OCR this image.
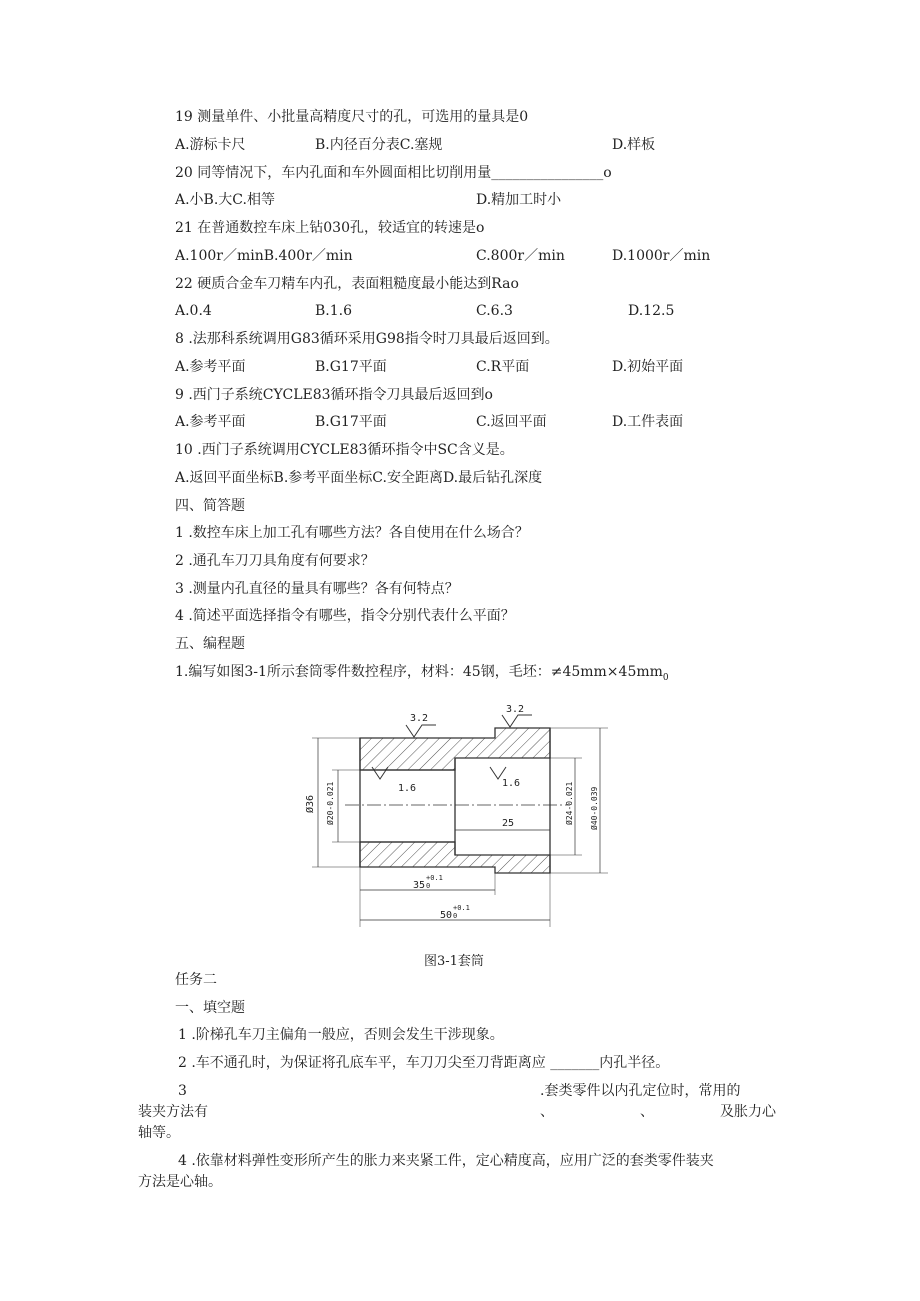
19 测量单件、小批量高精度尺寸的孔，可选用的量具是0
A.游标卡尺	B.内径百分表C.塞规	D.样板
20 同等情况下，车内孔面和车外圆面相比切削用量________________o
A.小B.大C.相等	D.精加工时小
21 在普通数控车床上钻030孔，较适宜的转速是o
A.100r／minB.400r／min	C.800r／min	D.1000r／min
22 硬质合金车刀精车内孔，表面粗糙度最小能达到Rao
A.0.4	B.1.6	C.6.3	D.12.5
8 .法那科系统调用G83循环采用G98指令时刀具最后返回到。
A.参考平面	B.G17平面	C.R平面	D.初始平面
9 .西门子系统CYCLE83循环指令刀具最后返回到o
A.参考平面	B.G17平面	C.返回平面	D.工件表面
10 .西门子系统调用CYCLE83循环指令中SC含义是。
A.返回平面坐标B.参考平面坐标C.安全距离D.最后钻孔深度
四、简答题
1 .数控车床上加工孔有哪些方法？各自使用在什么场合？
2 .通孔车刀刀具角度有何要求？
3 .测量内孔直径的量具有哪些？各有何特点？
4 .简述平面选择指令有哪些，指令分别代表什么平面？
五、编程题
1.编写如图3-1所示套筒零件数控程序，材料：45钢，毛坯：$\ne 45mm\times 45mm_0$
3.2
3.2
1.6	1.6
25
Ø36 Ø20-0.021	Ø24-0.021 Ø40-0.039
35
+0.1
0
50
+0.1
0
图3-1套筒
任务二
一、填空题
1 .阶梯孔车刀主偏角一般应，否则会发生干涉现象。
2 .车不通孔时，为保证将孔底车平，车刀刀尖至刀背距离应 _______内孔半径。
3	.套类零件以内孔定位时，常用的
装夹方法有	、	、	及胀力心
轴等。
4 .依靠材料弹性变形所产生的胀力来夹紧工件，定心精度高，应用广泛的套类零件装夹
方法是心轴。
